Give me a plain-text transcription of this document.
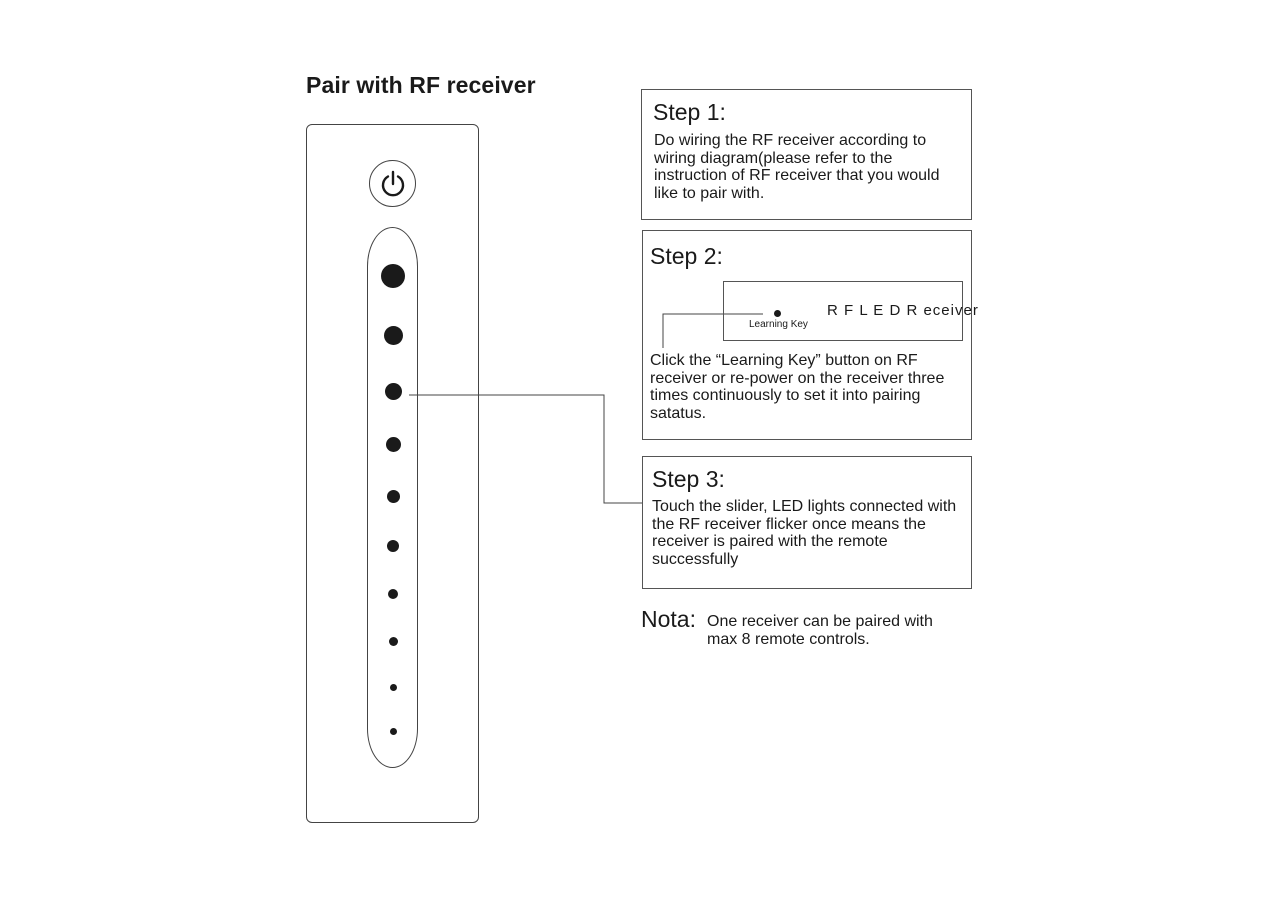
Pair with RF receiver
Step 1:

Do wiring the RF receiver according to wiring diagram(please refer to the instruction of RF receiver that you would like to pair with.

Step 2:
R F L E D R eceiver
Learning Key

Click the “Learning Key” button on RF receiver or re-power on the receiver three times continuously to set it into pairing satatus.

Step 3:

Touch the slider, LED lights connected with the RF receiver flicker once means the receiver is paired with the remote successfully

Nota: One receiver can be paired with max 8 remote controls.
